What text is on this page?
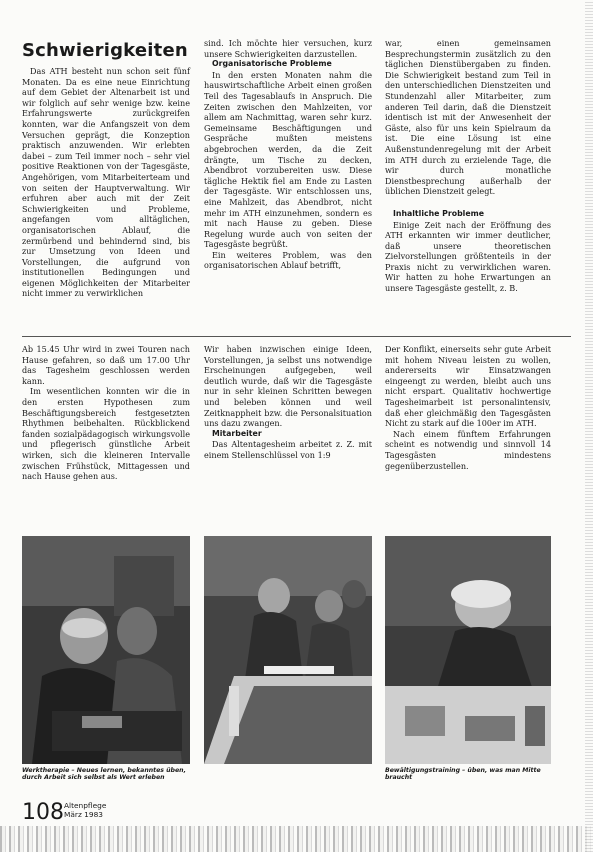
Schwierigkeiten

Das ATH besteht nun schon seit fünf Monaten. Da es eine neue Einrichtung auf dem Gebiet der Altenarbeit ist und wir folglich auf sehr wenige bzw. keine Erfahrungswerte zurückgreifen konnten, war die Anfangszeit von dem Versuchen geprägt, die Konzeption praktisch anzuwenden. Wir erlebten dabei – zum Teil immer noch – sehr viel positive Reaktionen von der Tagesgäste, Angehörigen, vom Mitarbeiterteam und von seiten der Hauptverwaltung. Wir erfuhren aber auch mit der Zeit Schwierigkeiten und Probleme, angefangen vom alltäglichen, organisatorischen Ablauf, die zermürbend und behindernd sind, bis zur Umsetzung von Ideen und Vorstellungen, die aufgrund von institutionellen Bedingungen und eigenen Möglichkeiten der Mitarbeiter nicht immer zu verwirklichen

sind. Ich möchte hier versuchen, kurz unsere Schwierigkeiten darzustellen.

Organisatorische Probleme

In den ersten Monaten nahm die hauswirtschaftliche Arbeit einen großen Teil des Tagesablaufs in Anspruch. Die Zeiten zwischen den Mahlzeiten, vor allem am Nachmittag, waren sehr kurz. Gemeinsame Beschäftigungen und Gespräche mußten meistens abgebrochen werden, da die Zeit drängte, um Tische zu decken, Abendbrot vorzubereiten usw. Diese tägliche Hektik fiel am Ende zu Lasten der Tagesgäste. Wir entschlossen uns, eine Mahlzeit, das Abendbrot, nicht mehr im ATH einzunehmen, sondern es mit nach Hause zu geben. Diese Regelung wurde auch von seiten der Tagesgäste begrüßt.

Ein weiteres Problem, was den organisatorischen Ablauf betrifft,

war, einen gemeinsamen Besprechungstermin zusätzlich zu den täglichen Dienstübergaben zu finden. Die Schwierigkeit bestand zum Teil in den unterschiedlichen Dienstzeiten und Stundenzahl aller Mitarbeiter, zum anderen Teil darin, daß die Dienstzeit identisch ist mit der Anwesenheit der Gäste, also für uns kein Spielraum da ist. Die eine Lösung ist eine Außenstundenregelung mit der Arbeit im ATH durch zu erzielende Tage, die wir durch monatliche Dienstbesprechung außerhalb der üblichen Dienstzeit gelegt.

Inhaltliche Probleme

Einige Zeit nach der Eröffnung des ATH erkannten wir immer deutlicher, daß unsere theoretischen Zielvorstellungen größtenteils in der Praxis nicht zu verwirklichen waren. Wir hatten zu hohe Erwartungen an unsere Tagesgäste gestellt, z. B.

Ab 15.45 Uhr wird in zwei Touren nach Hause gefahren, so daß um 17.00 Uhr das Tagesheim geschlossen werden kann.

Im wesentlichen konnten wir die in den ersten Hypothesen zum Beschäftigungsbereich festgesetzten Rhythmen beibehalten. Rückblickend fanden sozialpädagogisch wirkungsvolle und pflegerisch günstliche Arbeit wirken, sich die kleineren Intervalle zwischen Frühstück, Mittagessen und nach Hause gehen aus.

Wir haben inzwischen einige Ideen, Vorstellungen, ja selbst uns notwendige Erscheinungen aufgegeben, weil deutlich wurde, daß wir die Tagesgäste nur in sehr kleinen Schritten bewegen und beleben können und weil Zeitknappheit bzw. die Personalsituation uns dazu zwangen.

Mitarbeiter

Das Altentagesheim arbeitet z. Z. mit einem Stellenschlüssel von 1:9

Der Konflikt, einerseits sehr gute Arbeit mit hohem Niveau leisten zu wollen, andererseits wir Einsatzwangen eingeengt zu werden, bleibt auch uns nicht erspart. Qualitativ hochwertige Tagesheimarbeit ist personalintensiv, daß eher gleichmäßig den Tagesgästen Nicht zu stark auf die 100er im ATH.

Nach einem fünftem Erfahrungen scheint es notwendig und sinnvoll 14 Tagesgästen mindestens gegenüberzustellen.

Werktherapie – Neues lernen, bekanntes üben, durch Arbeit sich selbst als Wert erleben
Bewältigungstraining – üben, was man Mitte braucht
108 Altenpflege
März 1983
